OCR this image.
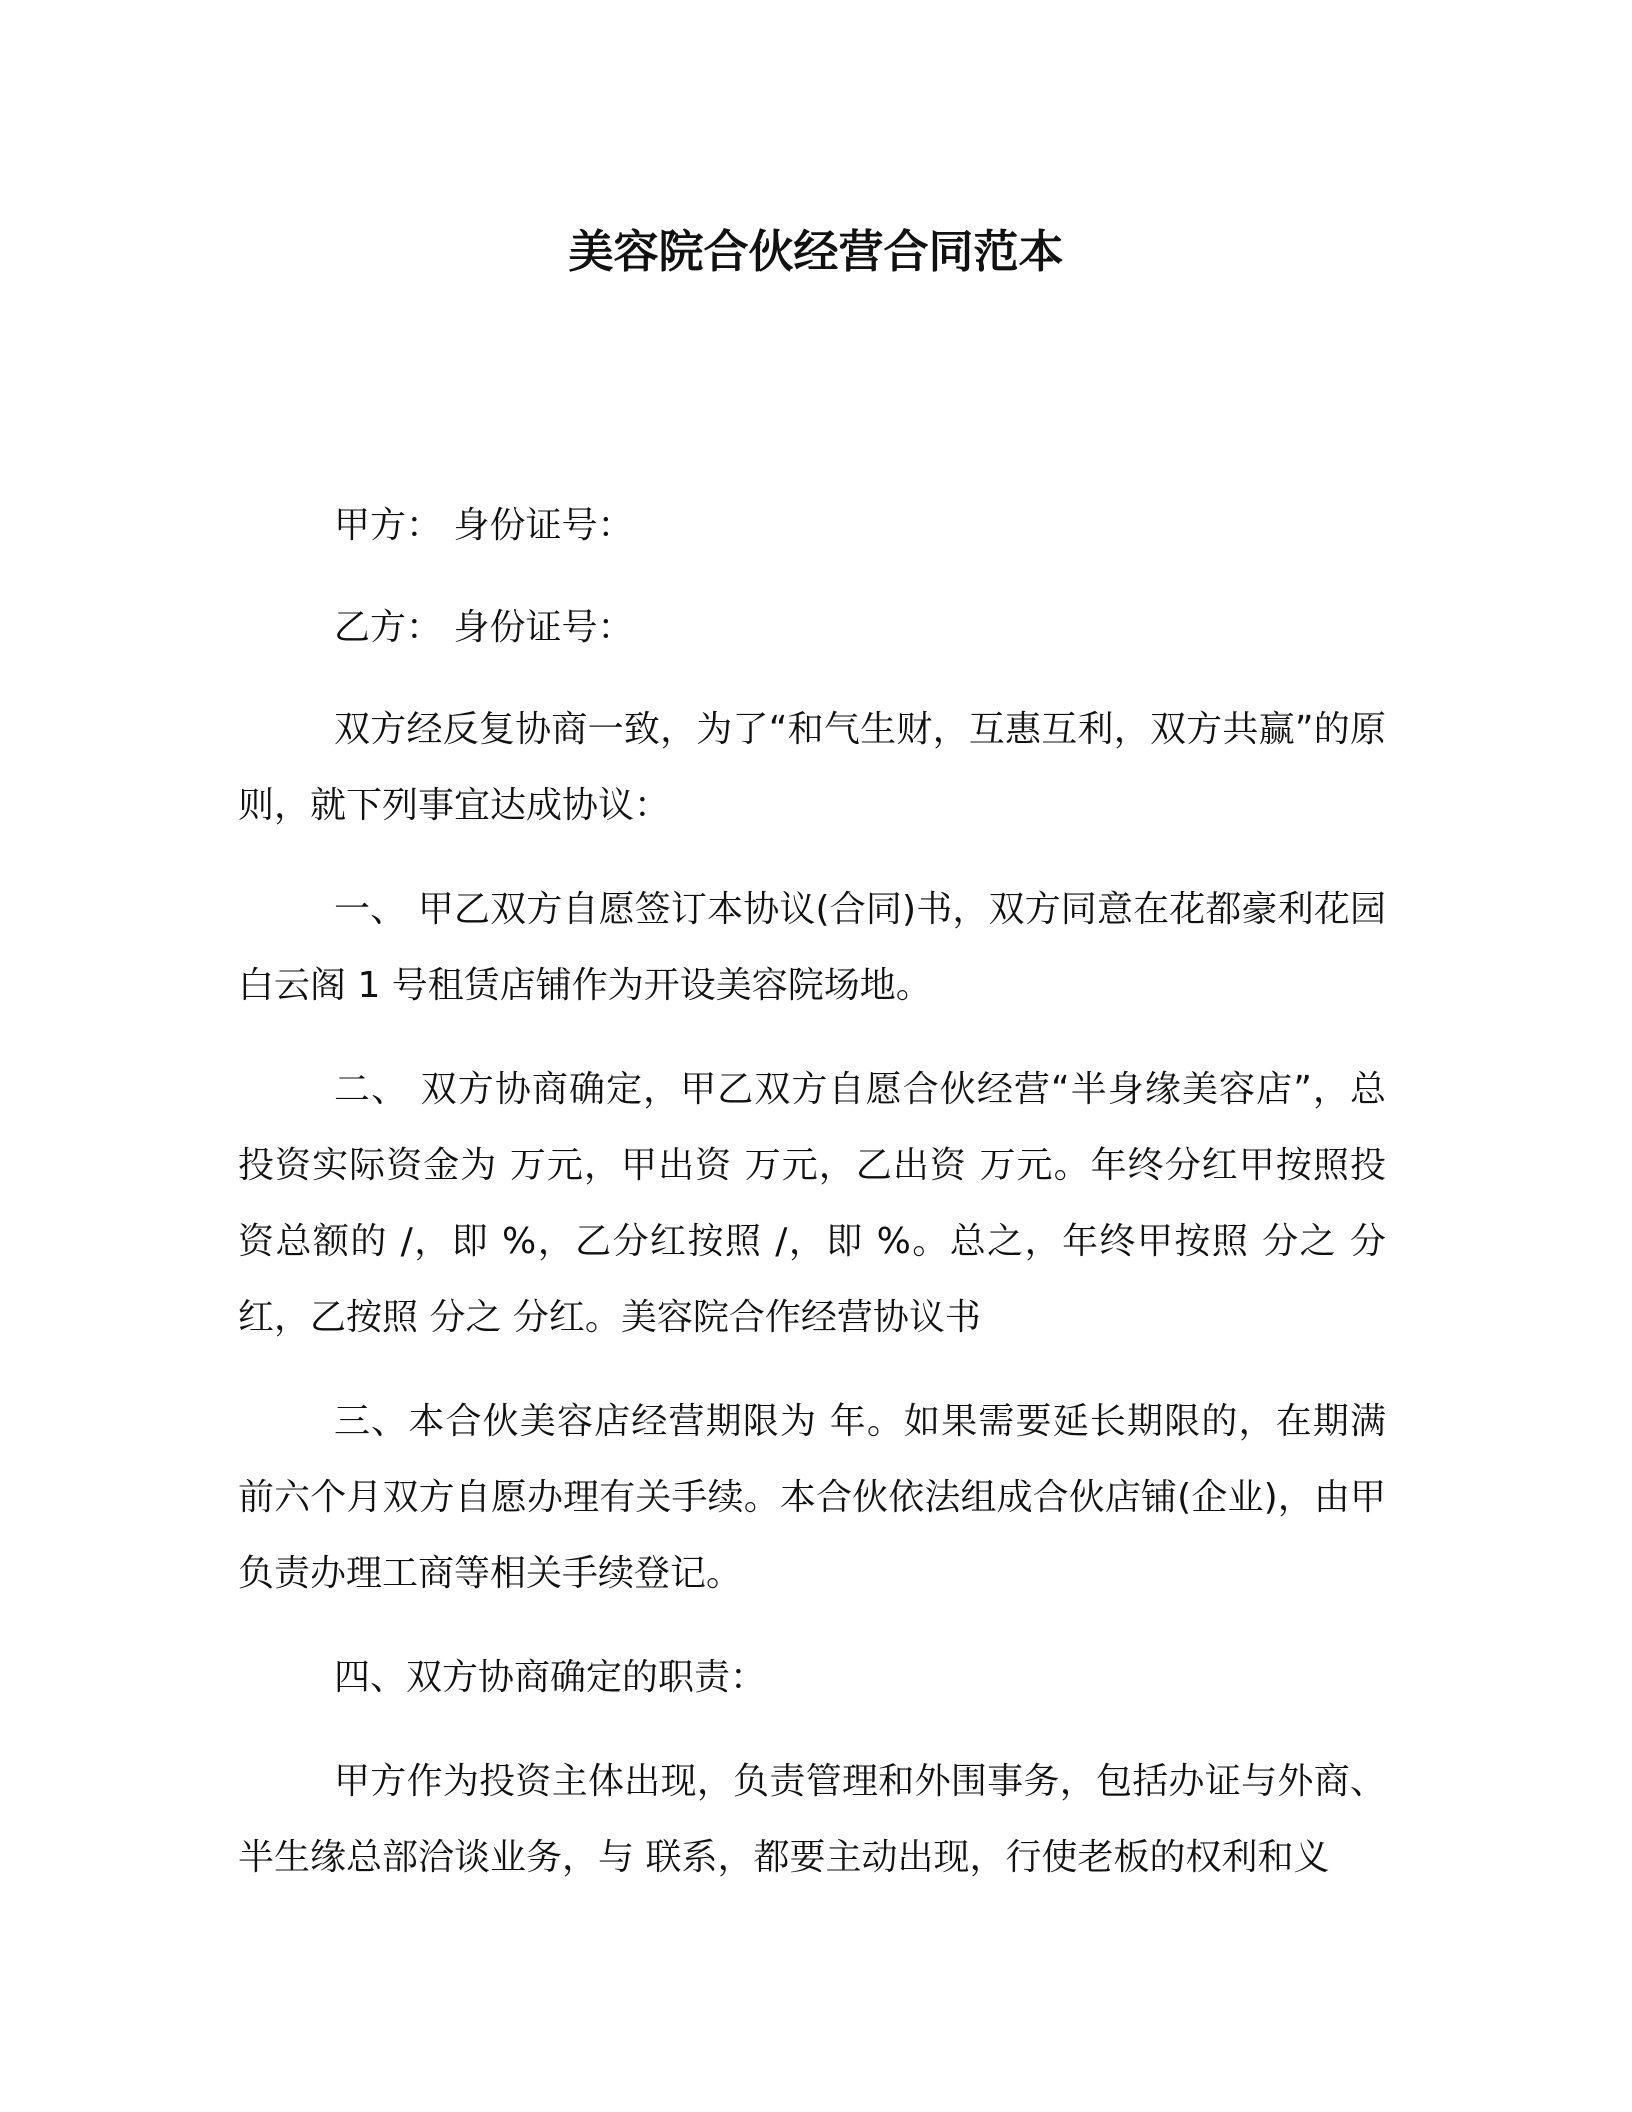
美容院合伙经营合同范本

甲方： 身份证号：

乙方： 身份证号：

双方经反复协商一致，为了“和气生财，互惠互利，双方共赢”的原则，就下列事宜达成协议：

一、 甲乙双方自愿签订本协议(合同)书，双方同意在花都豪利花园白云阁 1 号租赁店铺作为开设美容院场地。

二、 双方协商确定，甲乙双方自愿合伙经营“半身缘美容店”，总投资实际资金为 万元，甲出资 万元，乙出资 万元。年终分红甲按照投资总额的 /，即 %，乙分红按照 /，即 %。总之，年终甲按照 分之 分红，乙按照 分之 分红。美容院合作经营协议书

三、本合伙美容店经营期限为 年。如果需要延长期限的，在期满前六个月双方自愿办理有关手续。本合伙依法组成合伙店铺(企业)，由甲负责办理工商等相关手续登记。

四、双方协商确定的职责：

甲方作为投资主体出现，负责管理和外围事务，包括办证与外商、半生缘总部洽谈业务，与 联系，都要主动出现，行使老板的权利和义
